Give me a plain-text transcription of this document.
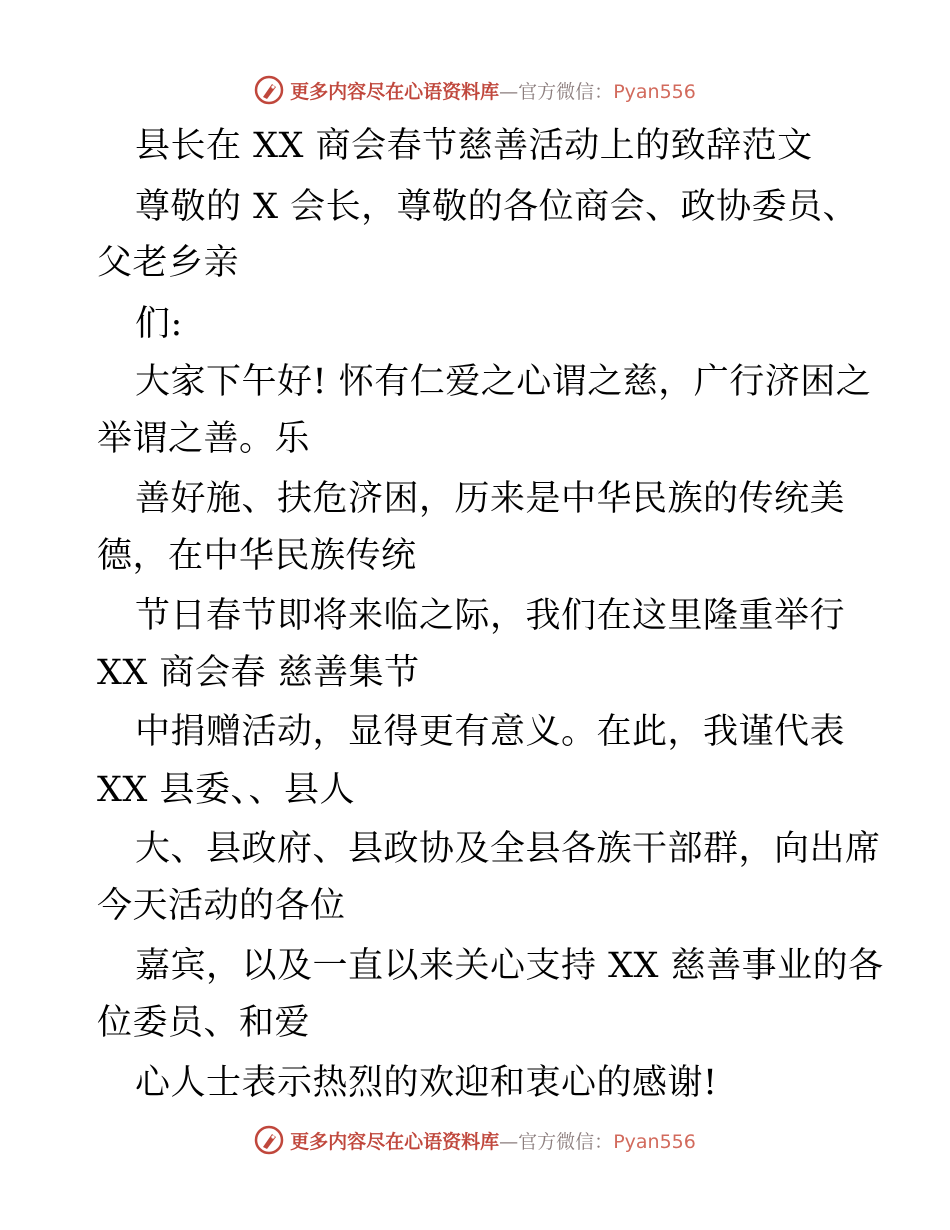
更多内容尽在心语资料库—官方微信：Pyan556
县长在 XX 商会春节慈善活动上的致辞范文
尊敬的 X 会长，尊敬的各位商会、政协委员、
父老乡亲
们:
大家下午好! 怀有仁爱之心谓之慈，广行济困之
举谓之善。乐
善好施、扶危济困，历来是中华民族的传统美
德，在中华民族传统
节日春节即将来临之际，我们在这里隆重举行
XX 商会春 慈善集节
中捐赠活动，显得更有意义。在此，我谨代表
XX 县委、、县人
大、县政府、县政协及全县各族干部群，向出席
今天活动的各位
嘉宾，以及一直以来关心支持 XX 慈善事业的各
位委员、和爱
心人士表示热烈的欢迎和衷心的感谢!
更多内容尽在心语资料库—官方微信：Pyan556
